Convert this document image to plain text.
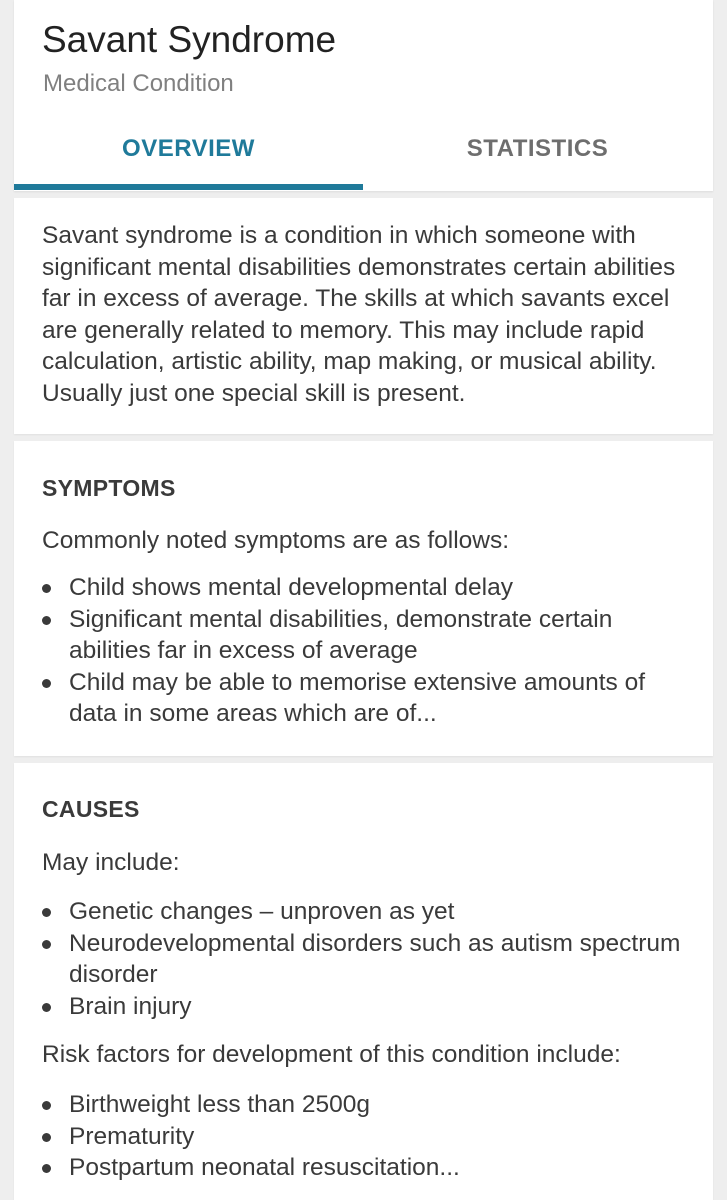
Savant Syndrome
Medical Condition
OVERVIEW	STATISTICS
Savant syndrome is a condition in which someone with significant mental disabilities demonstrates certain abilities far in excess of average. The skills at which savants excel are generally related to memory. This may include rapid calculation, artistic ability, map making, or musical ability. Usually just one special skill is present.
SYMPTOMS
Commonly noted symptoms are as follows:
Child shows mental developmental delay
Significant mental disabilities, demonstrate certain abilities far in excess of average
Child may be able to memorise extensive amounts of data in some areas which are of...
CAUSES
May include:
Genetic changes – unproven as yet
Neurodevelopmental disorders such as autism spectrum disorder
Brain injury
Risk factors for development of this condition include:
Birthweight less than 2500g
Prematurity
Postpartum neonatal resuscitation...
